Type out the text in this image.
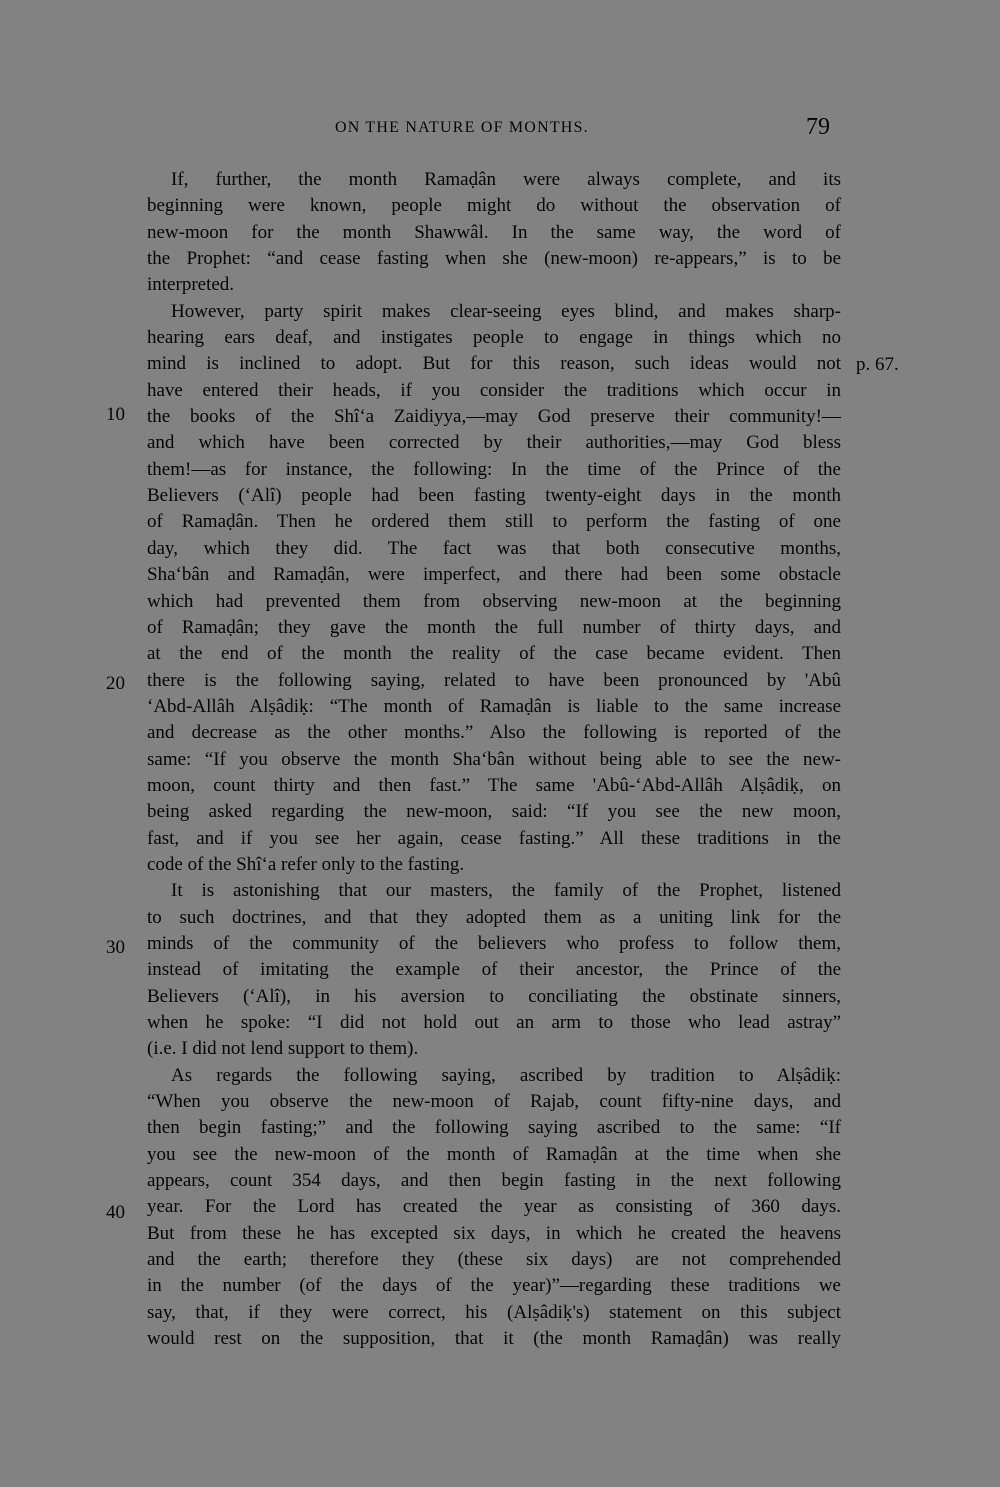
ON THE NATURE OF MONTHS.	79
10
20
30
40
p. 67.
If, further, the month Ramaḍân were always complete, and its
beginning were known, people might do without the observation of
new-moon for the month Shawwâl. In the same way, the word of
the Prophet: “and cease fasting when she (new-moon) re-appears,” is to be
interpreted.
However, party spirit makes clear-seeing eyes blind, and makes sharp-
hearing ears deaf, and instigates people to engage in things which no
mind is inclined to adopt. But for this reason, such ideas would not
have entered their heads, if you consider the traditions which occur in
the books of the Shî‘a Zaidiyya,—may God preserve their community!—
and which have been corrected by their authorities,—may God bless
them!—as for instance, the following: In the time of the Prince of the
Believers (‘Alî) people had been fasting twenty-eight days in the month
of Ramaḍân. Then he ordered them still to perform the fasting of one
day, which they did. The fact was that both consecutive months,
Sha‘bân and Ramaḍân, were imperfect, and there had been some obstacle
which had prevented them from observing new-moon at the beginning
of Ramaḍân; they gave the month the full number of thirty days, and
at the end of the month the reality of the case became evident. Then
there is the following saying, related to have been pronounced by 'Abû
‘Abd-Allâh Alṣâdiḳ: “The month of Ramaḍân is liable to the same increase
and decrease as the other months.” Also the following is reported of the
same: “If you observe the month Sha‘bân without being able to see the new-
moon, count thirty and then fast.” The same 'Abû-‘Abd-Allâh Alṣâdiḳ, on
being asked regarding the new-moon, said: “If you see the new moon,
fast, and if you see her again, cease fasting.” All these traditions in the
code of the Shî‘a refer only to the fasting.
It is astonishing that our masters, the family of the Prophet, listened
to such doctrines, and that they adopted them as a uniting link for the
minds of the community of the believers who profess to follow them,
instead of imitating the example of their ancestor, the Prince of the
Believers (‘Alî), in his aversion to conciliating the obstinate sinners,
when he spoke: “I did not hold out an arm to those who lead astray”
(i.e. I did not lend support to them).
As regards the following saying, ascribed by tradition to Alṣâdiḳ:
“When you observe the new-moon of Rajab, count fifty-nine days, and
then begin fasting;” and the following saying ascribed to the same: “If
you see the new-moon of the month of Ramaḍân at the time when she
appears, count 354 days, and then begin fasting in the next following
year. For the Lord has created the year as consisting of 360 days.
But from these he has excepted six days, in which he created the heavens
and the earth; therefore they (these six days) are not comprehended
in the number (of the days of the year)”—regarding these traditions we
say, that, if they were correct, his (Alṣâdiḳ's) statement on this subject
would rest on the supposition, that it (the month Ramaḍân) was really
